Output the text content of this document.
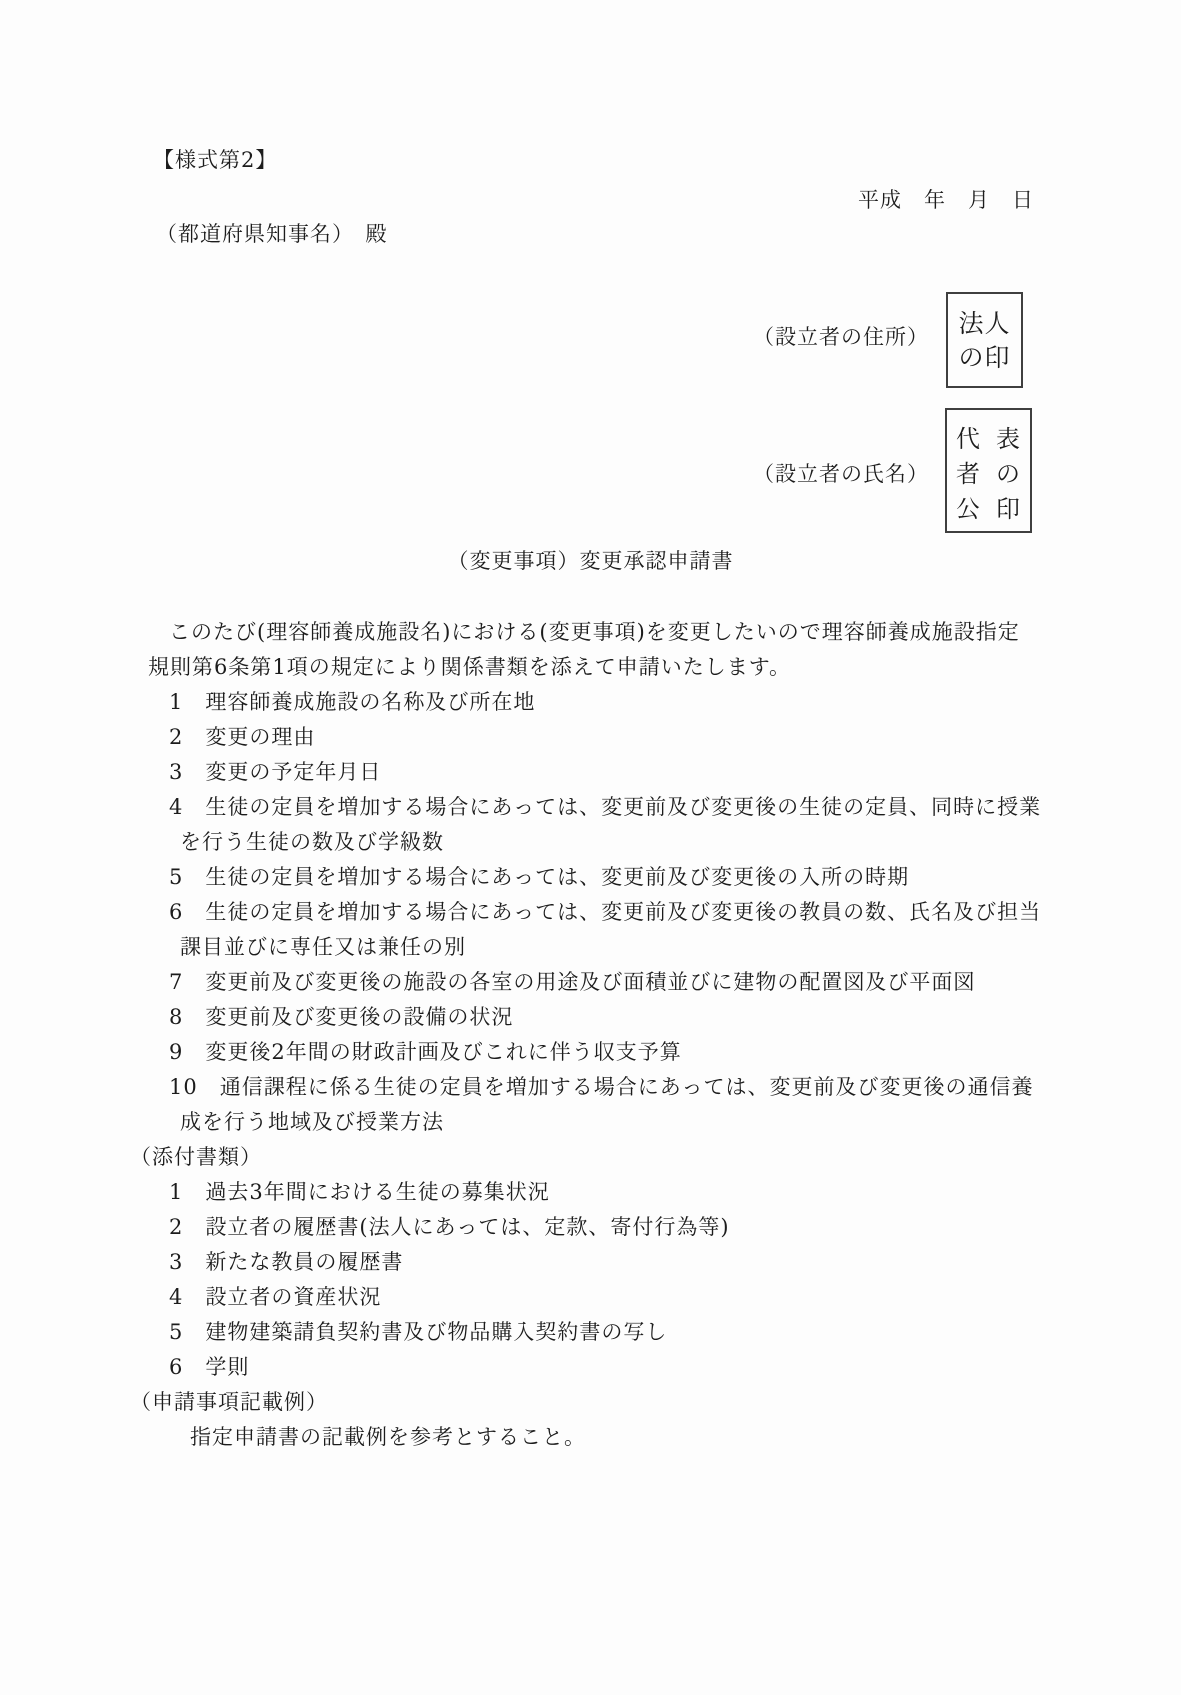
【様式第2】
平成　年　月　日
（都道府県知事名）　殿
（設立者の住所）	法人
の印
（設立者の氏名）
代 表
者 の
公 印
（変更事項）変更承認申請書
このたび(理容師養成施設名)における(変更事項)を変更したいので理容師養成施設指定
規則第6条第1項の規定により関係書類を添えて申請いたします。
1　理容師養成施設の名称及び所在地
2　変更の理由
3　変更の予定年月日
4　生徒の定員を増加する場合にあっては、変更前及び変更後の生徒の定員、同時に授業
を行う生徒の数及び学級数
5　生徒の定員を増加する場合にあっては、変更前及び変更後の入所の時期
6　生徒の定員を増加する場合にあっては、変更前及び変更後の教員の数、氏名及び担当
課目並びに専任又は兼任の別
7　変更前及び変更後の施設の各室の用途及び面積並びに建物の配置図及び平面図
8　変更前及び変更後の設備の状況
9　変更後2年間の財政計画及びこれに伴う収支予算
10　通信課程に係る生徒の定員を増加する場合にあっては、変更前及び変更後の通信養
成を行う地域及び授業方法
（添付書類）
1　過去3年間における生徒の募集状況
2　設立者の履歴書(法人にあっては、定款、寄付行為等)
3　新たな教員の履歴書
4　設立者の資産状況
5　建物建築請負契約書及び物品購入契約書の写し
6　学則
（申請事項記載例）
指定申請書の記載例を参考とすること。
